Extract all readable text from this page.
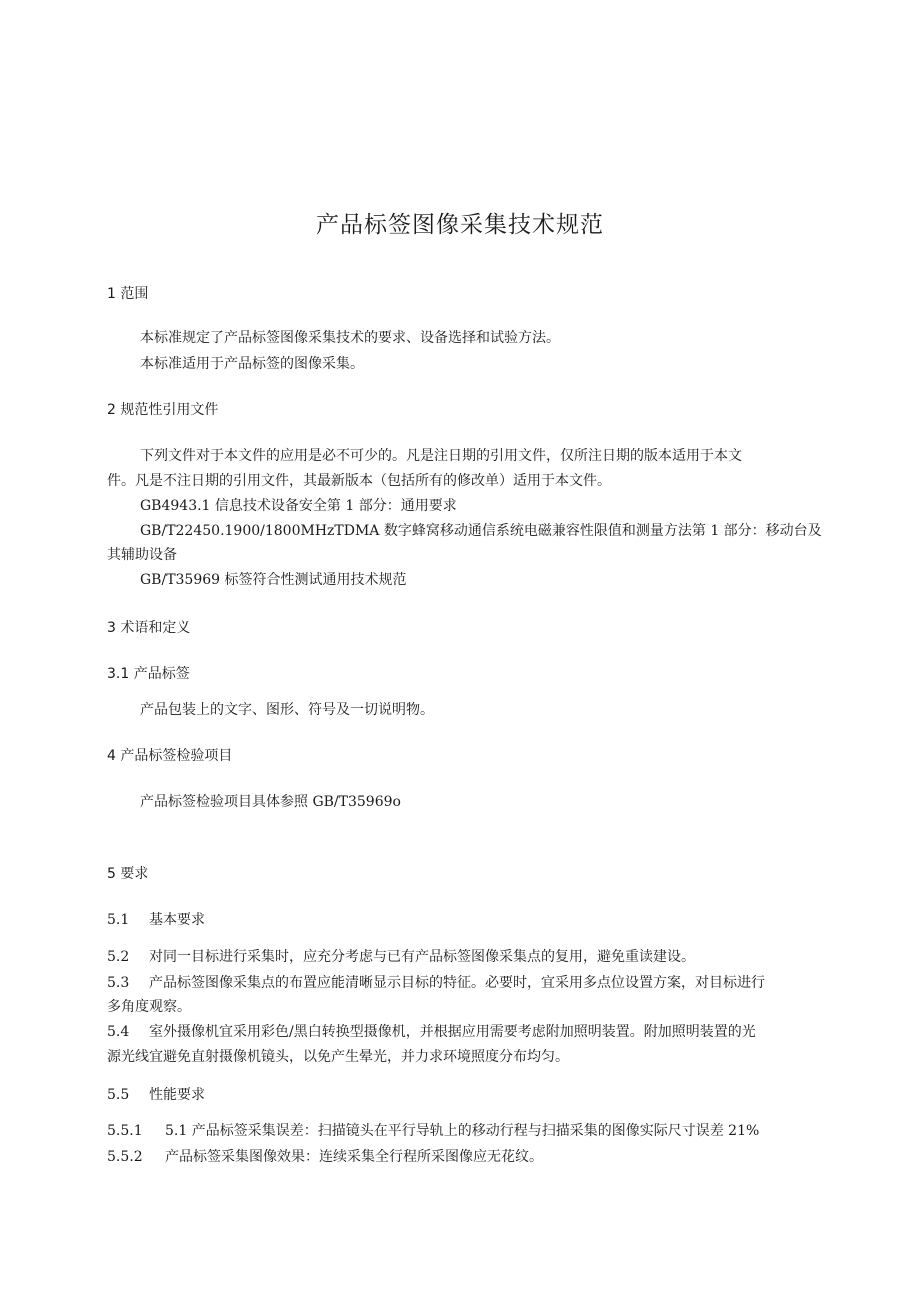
产品标签图像采集技术规范
1 范围
本标准规定了产品标签图像采集技术的要求、设备选择和试验方法。
本标准适用于产品标签的图像采集。
2 规范性引用文件
下列文件对于本文件的应用是必不可少的。凡是注日期的引用文件，仅所注日期的版本适用于本文
件。凡是不注日期的引用文件，其最新版本（包括所有的修改单）适用于本文件。
GB4943.1 信息技术设备安全第 1 部分：通用要求
GB/T22450.1900/1800MHzTDMA 数字蜂窝移动通信系统电磁兼容性限值和测量方法第 1 部分：移动台及
其辅助设备
GB/T35969 标签符合性测试通用技术规范
3 术语和定义
3.1 产品标签
产品包装上的文字、图形、符号及一切说明物。
4 产品标签检验项目
产品标签检验项目具体参照 GB/T35969o
5 要求
5.1 基本要求
5.2 对同一目标进行采集时，应充分考虑与已有产品标签图像采集点的复用，避免重读建设。
5.3 产品标签图像采集点的布置应能清晰显示目标的特征。必要时，宜采用多点位设置方案，对目标进行
多角度观察。
5.4 室外摄像机宜采用彩色/黑白转换型摄像机，并根据应用需要考虑附加照明装置。附加照明装置的光
源光线宜避免直射摄像机镜头，以免产生晕光，并力求环境照度分布均匀。
5.5 性能要求
5.5.1 5.1 产品标签采集误差：扫描镜头在平行导轨上的移动行程与扫描采集的图像实际尺寸误差 21%
5.5.2 产品标签采集图像效果：连续采集全行程所采图像应无花纹。
